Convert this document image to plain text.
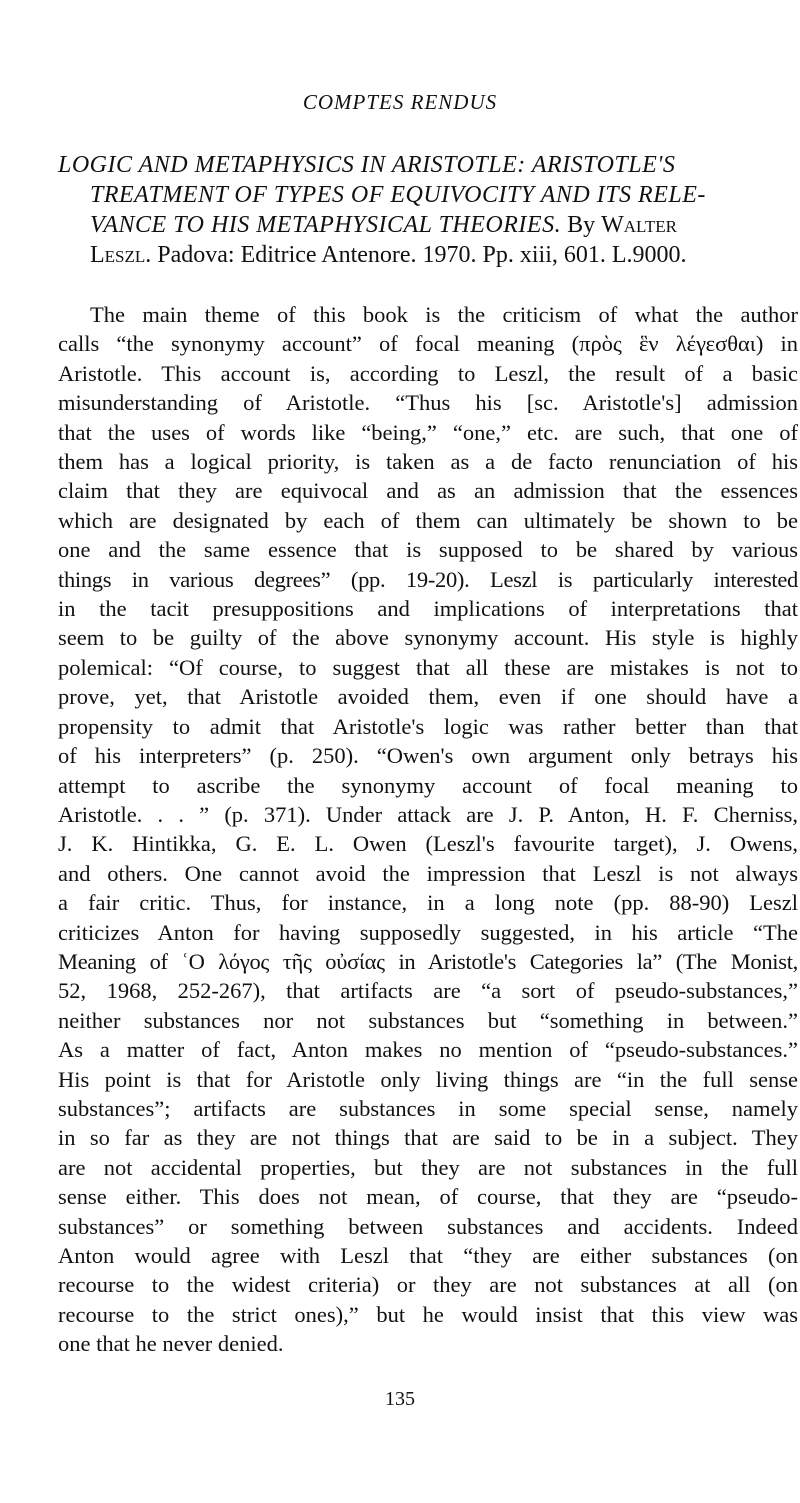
COMPTES RENDUS
LOGIC AND METAPHYSICS IN ARISTOTLE: ARISTOTLE'S
TREATMENT OF TYPES OF EQUIVOCITY AND ITS RELE-
VANCE TO HIS METAPHYSICAL THEORIES. By Walter
Leszl. Padova: Editrice Antenore. 1970. Pp. xiii, 601. L.9000.

The main theme of this book is the criticism of what the author
calls “the synonymy account” of focal meaning (πρὸς ἓν λέγεσθαι) in
Aristotle. This account is, according to Leszl, the result of a basic
misunderstanding of Aristotle. “Thus his [sc. Aristotle's] admission
that the uses of words like “being,” “one,” etc. are such, that one of
them has a logical priority, is taken as a de facto renunciation of his
claim that they are equivocal and as an admission that the essences
which are designated by each of them can ultimately be shown to be
one and the same essence that is supposed to be shared by various
things in various degrees” (pp. 19-20). Leszl is particularly interested
in the tacit presuppositions and implications of interpretations that
seem to be guilty of the above synonymy account. His style is highly
polemical: “Of course, to suggest that all these are mistakes is not to
prove, yet, that Aristotle avoided them, even if one should have a
propensity to admit that Aristotle's logic was rather better than that
of his interpreters” (p. 250). “Owen's own argument only betrays his
attempt to ascribe the synonymy account of focal meaning to
Aristotle. . . ” (p. 371). Under attack are J. P. Anton, H. F. Cherniss,
J. K. Hintikka, G. E. L. Owen (Leszl's favourite target), J. Owens,
and others. One cannot avoid the impression that Leszl is not always
a fair critic. Thus, for instance, in a long note (pp. 88-90) Leszl
criticizes Anton for having supposedly suggested, in his article “The
Meaning of ʿΟ λόγος τῆς οὐσίας in Aristotle's Categories la” (The Monist,
52, 1968, 252-267), that artifacts are “a sort of pseudo-substances,”
neither substances nor not substances but “something in between.”
As a matter of fact, Anton makes no mention of “pseudo-substances.”
His point is that for Aristotle only living things are “in the full sense
substances”; artifacts are substances in some special sense, namely
in so far as they are not things that are said to be in a subject. They
are not accidental properties, but they are not substances in the full
sense either. This does not mean, of course, that they are “pseudo-
substances” or something between substances and accidents. Indeed
Anton would agree with Leszl that “they are either substances (on
recourse to the widest criteria) or they are not substances at all (on
recourse to the strict ones),” but he would insist that this view was
one that he never denied.

135
